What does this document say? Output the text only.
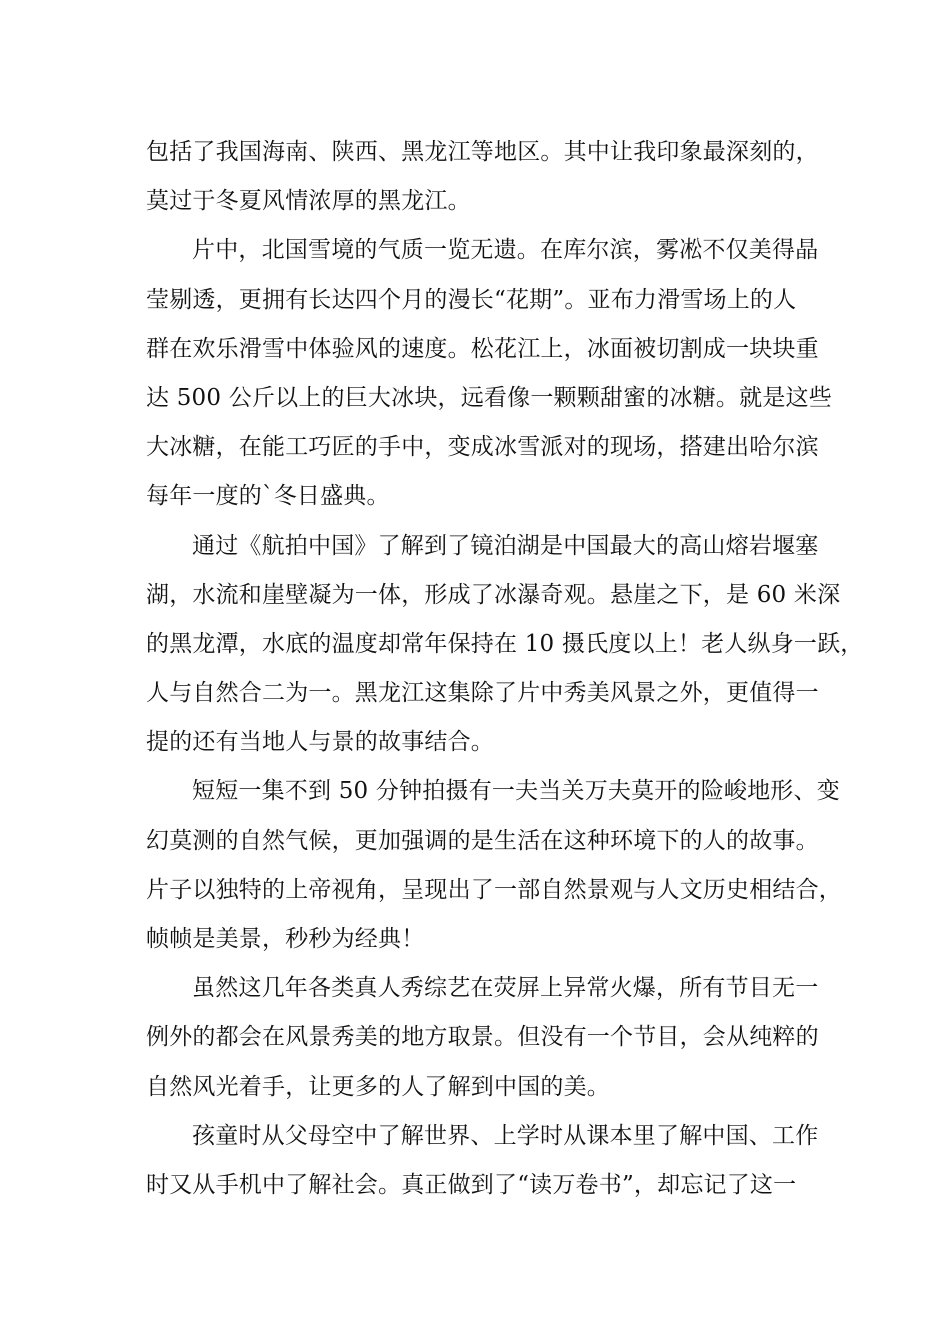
包括了我国海南、陕西、黑龙江等地区。其中让我印象最深刻的，
莫过于冬夏风情浓厚的黑龙江。
片中，北国雪境的气质一览无遗。在库尔滨，雾凇不仅美得晶
莹剔透，更拥有长达四个月的漫长“花期”。亚布力滑雪场上的人
群在欢乐滑雪中体验风的速度。松花江上，冰面被切割成一块块重
达 500 公斤以上的巨大冰块，远看像一颗颗甜蜜的冰糖。就是这些
大冰糖，在能工巧匠的手中，变成冰雪派对的现场，搭建出哈尔滨
每年一度的`冬日盛典。
通过《航拍中国》了解到了镜泊湖是中国最大的高山熔岩堰塞
湖，水流和崖壁凝为一体，形成了冰瀑奇观。悬崖之下，是 60 米深
的黑龙潭，水底的温度却常年保持在 10 摄氏度以上！老人纵身一跃，
人与自然合二为一。黑龙江这集除了片中秀美风景之外，更值得一
提的还有当地人与景的故事结合。
短短一集不到 50 分钟拍摄有一夫当关万夫莫开的险峻地形、变
幻莫测的自然气候，更加强调的是生活在这种环境下的人的故事。
片子以独特的上帝视角，呈现出了一部自然景观与人文历史相结合，
帧帧是美景，秒秒为经典！
虽然这几年各类真人秀综艺在荧屏上异常火爆，所有节目无一
例外的都会在风景秀美的地方取景。但没有一个节目，会从纯粹的
自然风光着手，让更多的人了解到中国的美。
孩童时从父母空中了解世界、上学时从课本里了解中国、工作
时又从手机中了解社会。真正做到了“读万卷书”，却忘记了这一
